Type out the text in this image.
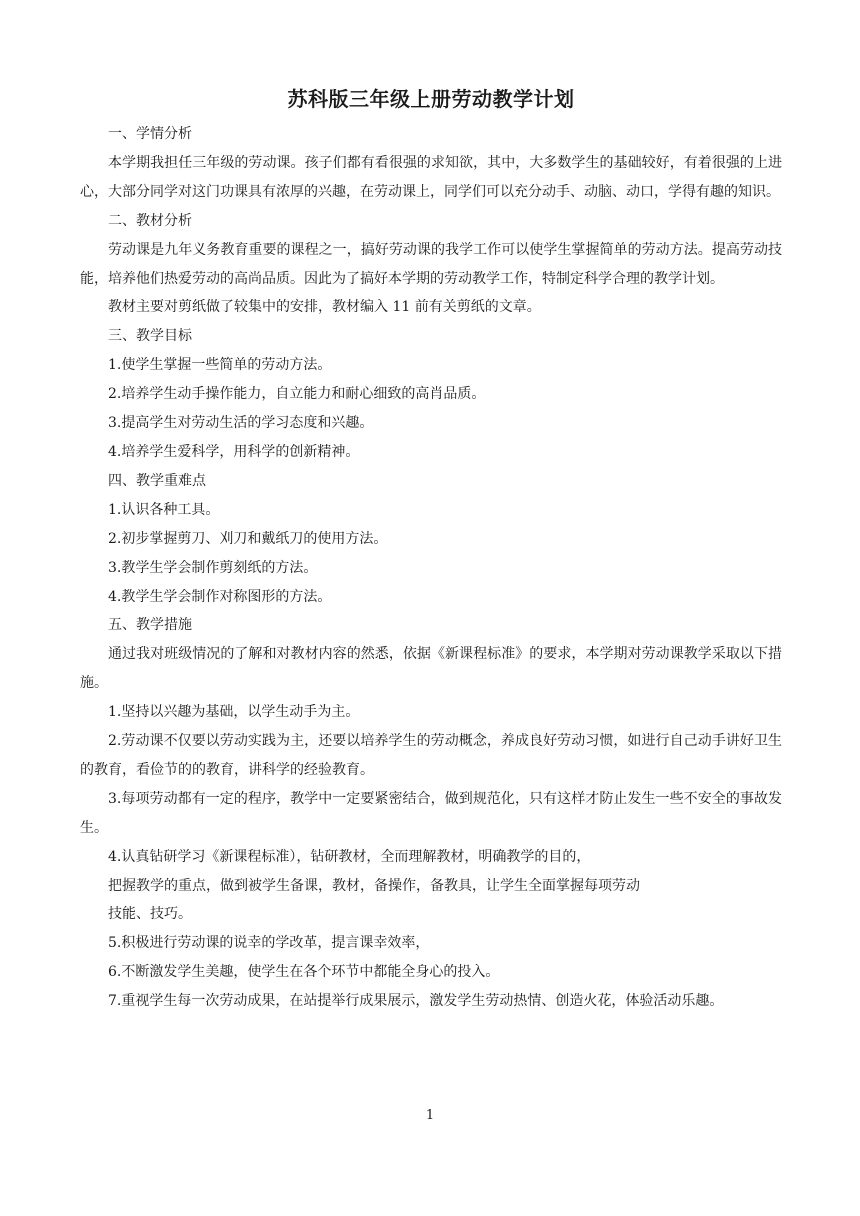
苏科版三年级上册劳动教学计划

一、学情分析

本学期我担任三年级的劳动课。孩子们都有看很强的求知欲，其中，大多数学生的基础较好，有着很强的上进心，大部分同学对这门功课具有浓厚的兴趣，在劳动课上，同学们可以充分动手、动脑、动口，学得有趣的知识。

二、教材分析

劳动课是九年义务教育重要的课程之一，搞好劳动课的我学工作可以使学生掌握简单的劳动方法。提高劳动技能，培养他们热爱劳动的高尚品质。因此为了搞好本学期的劳动教学工作，特制定科学合理的教学计划。

教材主要对剪纸做了较集中的安排，教材编入 11 前有关剪纸的文章。

三、教学目标

1.使学生掌握一些简单的劳动方法。

2.培养学生动手操作能力，自立能力和耐心细致的高肖品质。

3.提高学生对劳动生活的学习态度和兴趣。

4.培养学生爱科学，用科学的创新精神。

四、教学重难点

1.认识各种工具。

2.初步掌握剪刀、刈刀和戴纸刀的使用方法。

3.教学生学会制作剪刻纸的方法。

4.教学生学会制作对称图形的方法。

五、教学措施

通过我对班级情况的了解和对教材内容的然悉，依据《新课程标准》的要求，本学期对劳动课教学采取以下措施。

1.坚持以兴趣为基础，以学生动手为主。

2.劳动课不仅要以劳动实践为主，还要以培养学生的劳动概念，养成良好劳动习惯，如进行自己动手讲好卫生的教育，看俭节的的教育，讲科学的经验教育。

3.每项劳动都有一定的程序，教学中一定要紧密结合，做到规范化，只有这样才防止发生一些不安全的事故发生。

4.认真钻研学习《新课程标准），钻研教材，全而理解教材，明确教学的目的，

把握教学的重点，做到被学生备课，教材，备操作，备教具，让学生全面掌握每项劳动

技能、技巧。

5.积极进行劳动课的说幸的学改革，提言课幸效率，

6.不断激发学生美趣，使学生在各个环节中都能全身心的投入。

7.重视学生每一次劳动成果，在站提举行成果展示，激发学生劳动热情、创造火花，体验活动乐趣。

1
